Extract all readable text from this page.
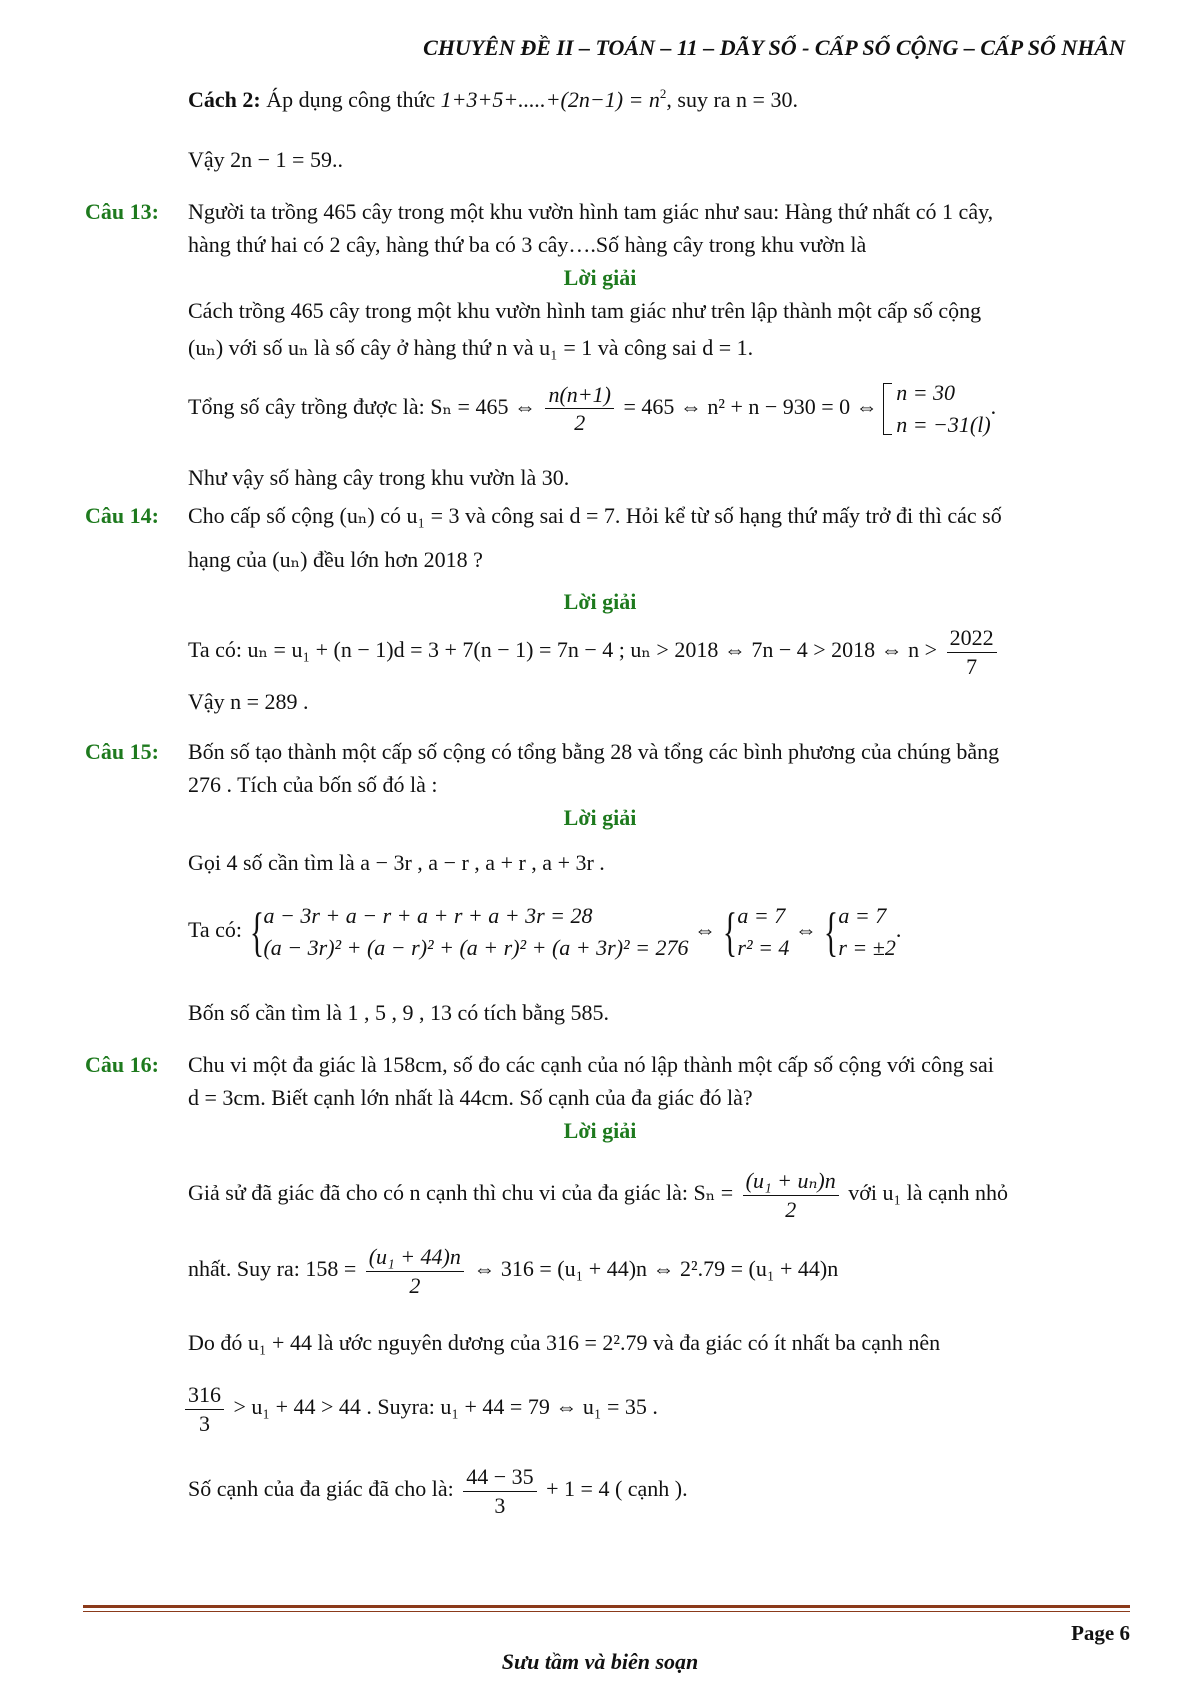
CHUYÊN ĐỀ II – TOÁN – 11 – DÃY SỐ - CẤP SỐ CỘNG – CẤP SỐ NHÂN
Cách 2: Áp dụng công thức $1+3+5+.....+(2n-1) = n^2$, suy ra n = 30.
Vậy 2n − 1 = 59..
Câu 13: Người ta trồng 465 cây trong một khu vườn hình tam giác như sau: Hàng thứ nhất có 1 cây,
hàng thứ hai có 2 cây, hàng thứ ba có 3 cây….Số hàng cây trong khu vườn là
Lời giải
Cách trồng 465 cây trong một khu vườn hình tam giác như trên lập thành một cấp số cộng
(uₙ) với số uₙ là số cây ở hàng thứ n và u₁ = 1 và công sai d = 1.
Tổng số cây trồng được là: Sₙ = 465 ⇔ $\frac{n(n+1)}{2} = 465$ ⇔ n² + n − 930 = 0 ⇔
n = 30
n = −31(l)
.
Như vậy số hàng cây trong khu vườn là 30.
Câu 14: Cho cấp số cộng (uₙ) có u₁ = 3 và công sai d = 7. Hỏi kể từ số hạng thứ mấy trở đi thì các số
hạng của (uₙ) đều lớn hơn 2018 ?
Lời giải
Ta có: uₙ = u₁ + (n − 1)d = 3 + 7(n − 1) = 7n − 4 ; uₙ > 2018 ⇔ 7n − 4 > 2018 ⇔ $n > \frac{2022}{7}$
Vậy n = 289 .
Câu 15: Bốn số tạo thành một cấp số cộng có tổng bằng 28 và tổng các bình phương của chúng bằng
276 . Tích của bốn số đó là :
Lời giải
Gọi 4 số cần tìm là a − 3r , a − r , a + r , a + 3r .
Ta có: { a − 3r + a − r + a + r + a + 3r = 28
(a − 3r)² + (a − r)² + (a + r)² + (a + 3r)² = 276
⇔ { a = 7
r² = 4
⇔ { a = 7
r = ±2
.
Bốn số cần tìm là 1 , 5 , 9 , 13 có tích bằng 585.
Câu 16: Chu vi một đa giác là 158cm, số đo các cạnh của nó lập thành một cấp số cộng với công sai
d = 3cm. Biết cạnh lớn nhất là 44cm. Số cạnh của đa giác đó là?
Lời giải
Giả sử đã giác đã cho có n cạnh thì chu vi của đa giác là: $S_n = \frac{\text{(u₁ + uₙ)n}}{2}$ với u₁ là cạnh nhỏ
nhất. Suy ra: $158 = \frac{\text{(u₁ + 44)n}}{2}$ ⇔ 316 = (u₁ + 44)n ⇔ 2².79 = (u₁ + 44)n
Do đó u₁ + 44 là ước nguyên dương của 316 = 2².79 và đa giác có ít nhất ba cạnh nên
$\frac{316}{3} > u_1 + 44 > 44$ . Suyra: u₁ + 44 = 79 ⇔ u₁ = 35 .
Số cạnh của đa giác đã cho là: $\frac{44 - 35}{3} + 1 = 4$ ( cạnh ).
Page 6
Sưu tầm và biên soạn
